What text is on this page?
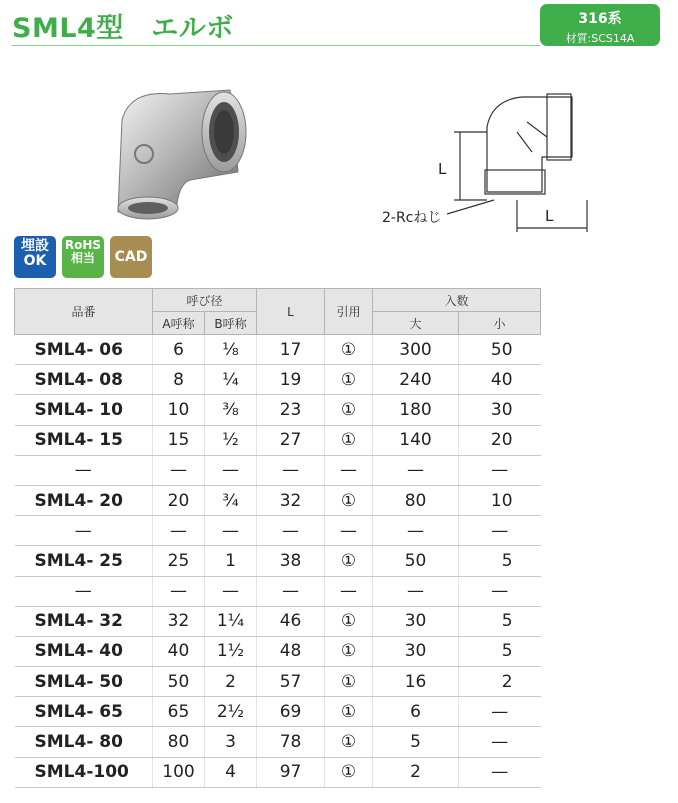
SML4型　エルボ	316系
材質:SCS14A
L
L
2-Rcねじ
埋設
OK
RoHS
相当	CAD
品番	呼び径		L	引用	入数	
	A呼称	B呼称			大	小
SML4- 06	6	⅛	17	①	300	50
SML4- 08	8	¼	19	①	240	40
SML4- 10	10	⅜	23	①	180	30
SML4- 15	15	½	27	①	140	20
—	—	—	—	—	—	—
SML4- 20	20	¾	32	①	80	10
—	—	—	—	—	—	—
SML4- 25	25	1	38	①	50	5
—	—	—	—	—	—	—
SML4- 32	32	1¼	46	①	30	5
SML4- 40	40	1½	48	①	30	5
SML4- 50	50	2	57	①	16	2
SML4- 65	65	2½	69	①	6	—
SML4- 80	80	3	78	①	5	—
SML4-100	100	4	97	①	2	—
